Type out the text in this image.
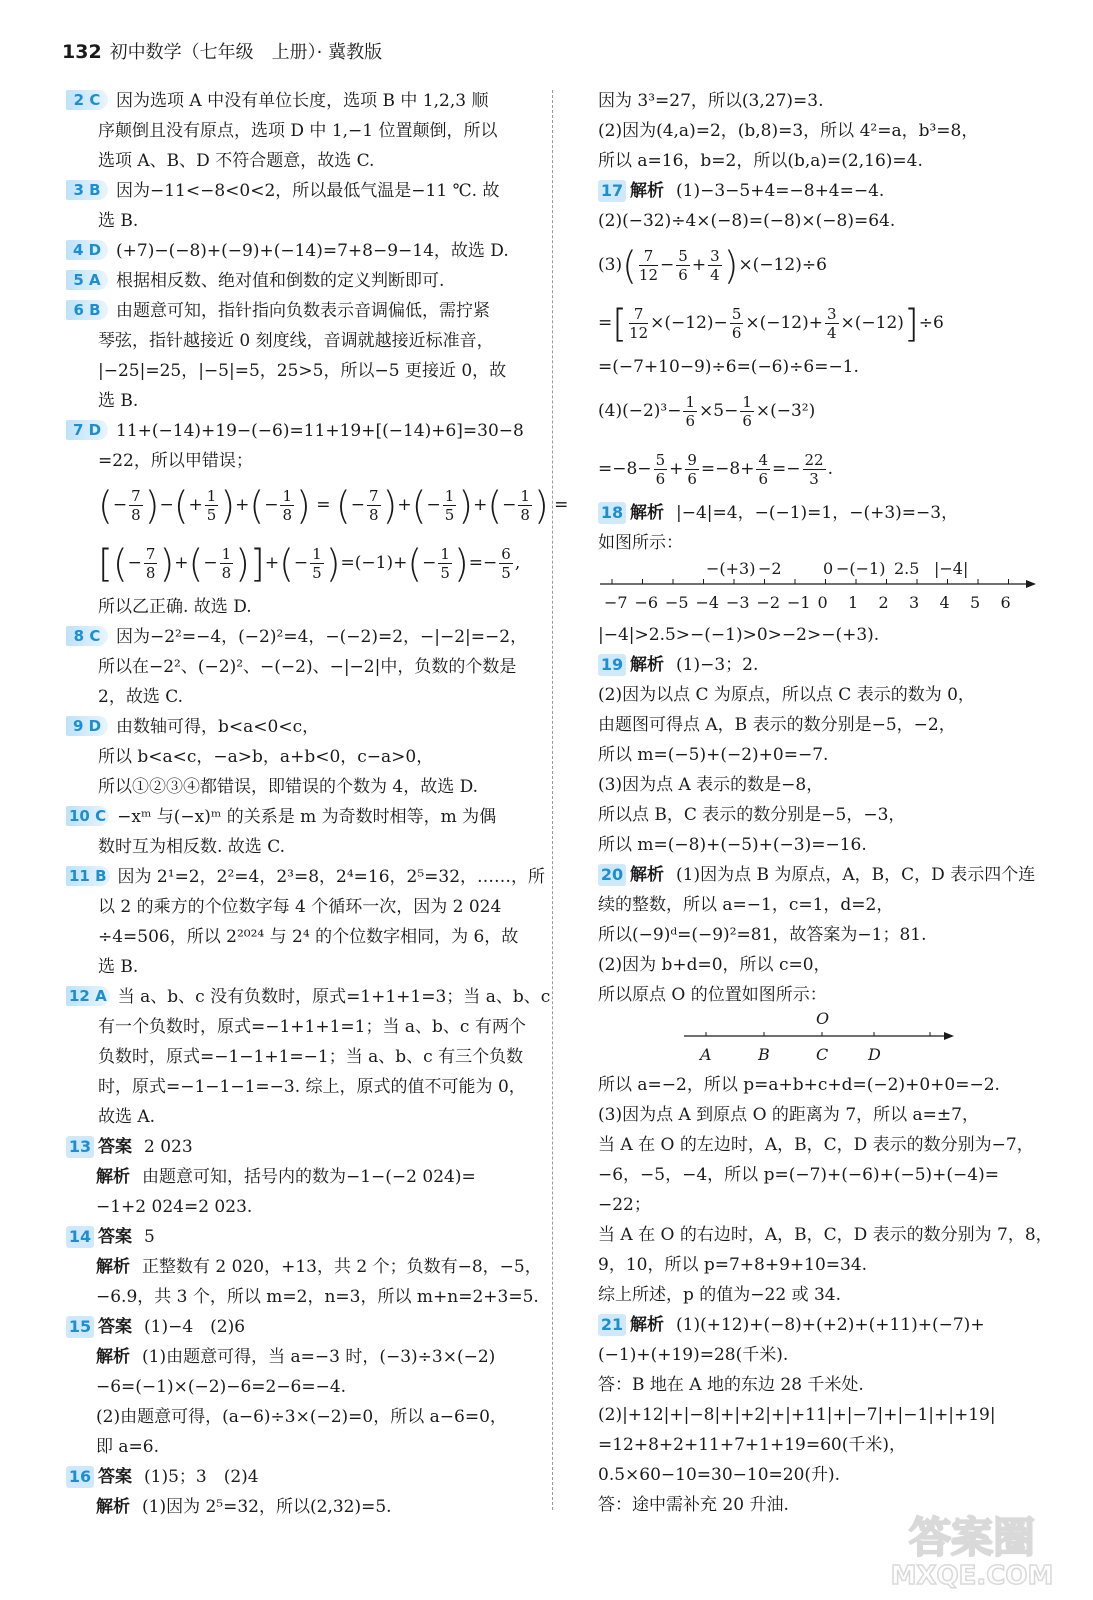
132 初中数学（七年级　上册）· 冀教版
2 C 因为选项 A 中没有单位长度，选项 B 中 1,2,3 顺
序颠倒且没有原点，选项 D 中 1,−1 位置颠倒，所以
选项 A、B、D 不符合题意，故选 C.
3 B 因为−11<−8<0<2，所以最低气温是−11 ℃. 故
选 B.
4 D (+7)−(−8)+(−9)+(−14)=7+8−9−14，故选 D.
5 A 根据相反数、绝对值和倒数的定义判断即可.
6 B 由题意可知，指针指向负数表示音调偏低，需拧紧
琴弦，指针越接近 0 刻度线，音调就越接近标准音，
|−25|=25，|−5|=5，25>5，所以−5 更接近 0，故
选 B.
7 D 11+(−14)+19−(−6)=11+19+[(−14)+6]=30−8
=22，所以甲错误；
(− $\frac{7}{8}$ )−(+ $\frac{1}{5}$ )+(− $\frac{1}{8}$ ) = (− $\frac{7}{8}$ )+(− $\frac{1}{5}$ )+(− $\frac{1}{8}$ ) =
[(− $\frac{7}{8}$ )+(− $\frac{1}{8}$ )]+(− $\frac{1}{5} )=(-1)+(- \frac{1}{5}$ )=− $\frac{6}{5}$ ,
所以乙正确. 故选 D.
8 C 因为−2²=−4，(−2)²=4，−(−2)=2，−|−2|=−2，
所以在−2²、(−2)²、−(−2)、−|−2|中，负数的个数是
2，故选 C.
9 D 由数轴可得，b<a<0<c，
所以 b<a<c，−a>b，a+b<0，c−a>0，
所以①②③④都错误，即错误的个数为 4，故选 D.
10 C −xᵐ 与(−x)ᵐ 的关系是 m 为奇数时相等，m 为偶
数时互为相反数. 故选 C.
11 B 因为 2¹=2，2²=4，2³=8，2⁴=16，2⁵=32，……，所
以 2 的乘方的个位数字每 4 个循环一次，因为 2 024
÷4=506，所以 2²⁰²⁴ 与 2⁴ 的个位数字相同，为 6，故
选 B.
12 A 当 a、b、c 没有负数时，原式=1+1+1=3；当 a、b、c
有一个负数时，原式=−1+1+1=1；当 a、b、c 有两个
负数时，原式=−1−1+1=−1；当 a、b、c 有三个负数
时，原式=−1−1−1=−3. 综上，原式的值不可能为 0，
故选 A.
13 答案 2 023
解析 由题意可知，括号内的数为−1−(−2 024)=
−1+2 024=2 023.
14 答案 5
解析 正整数有 2 020，+13，共 2 个；负数有−8，−5，
−6.9，共 3 个，所以 m=2，n=3，所以 m+n=2+3=5.
15 答案 (1)−4　(2)6
解析 (1)由题意可得，当 a=−3 时，(−3)÷3×(−2)
−6=(−1)×(−2)−6=2−6=−4.
(2)由题意可得，(a−6)÷3×(−2)=0，所以 a−6=0，
即 a=6.
16 答案 (1)5；3　(2)4
解析 (1)因为 2⁵=32，所以(2,32)=5.
因为 3³=27，所以(3,27)=3.
(2)因为(4,a)=2，(b,8)=3，所以 4²=a，b³=8，
所以 a=16，b=2，所以(b,a)=(2,16)=4.
17 解析 (1)−3−5+4=−8+4=−4.
(2)(−32)÷4×(−8)=(−8)×(−8)=64.
$(3)( \frac{7}{12} - \frac{5}{6} + \frac{3}{4} )\times(-12)\div 6$
=[ $\frac{7}{12} \times(-12)- \frac{5}{6} \times(-12)+ \frac{3}{4} \times(-12)]\div 6$
=(−7+10−9)÷6=(−6)÷6=−1.
$(4)(-2)^3- \frac{1}{6} \times 5- \frac{1}{6} \times(-3^2)$
$=-8- \frac{5}{6} + \frac{9}{6} =-8+ \frac{4}{6} =- \frac{22}{3}$ .
18 解析 |−4|=4，−(−1)=1，−(+3)=−3，
如图所示：
−(+3) −2	0 −(−1) 2.5 |−4|
−7 −6 −5 −4 −3 −2 −1 0 1 2 3 4 5 6
|−4|>2.5>−(−1)>0>−2>−(+3).
19 解析 (1)−3；2.
(2)因为以点 C 为原点，所以点 C 表示的数为 0，
由题图可得点 A，B 表示的数分别是−5，−2，
所以 m=(−5)+(−2)+0=−7.
(3)因为点 A 表示的数是−8，
所以点 B，C 表示的数分别是−5，−3，
所以 m=(−8)+(−5)+(−3)=−16.
20 解析 (1)因为点 B 为原点，A，B，C，D 表示四个连
续的整数，所以 a=−1，c=1，d=2，
所以(−9)ᵈ=(−9)²=81，故答案为−1；81.
(2)因为 b+d=0，所以 c=0，
所以原点 O 的位置如图所示：
O
A	B	C D
所以 a=−2，所以 p=a+b+c+d=(−2)+0+0=−2.
(3)因为点 A 到原点 O 的距离为 7，所以 a=±7，
当 A 在 O 的左边时，A，B，C，D 表示的数分别为−7，
−6，−5，−4，所以 p=(−7)+(−6)+(−5)+(−4)=
−22；
当 A 在 O 的右边时，A，B，C，D 表示的数分别为 7，8，
9，10，所以 p=7+8+9+10=34.
综上所述，p 的值为−22 或 34.
21 解析 (1)(+12)+(−8)+(+2)+(+11)+(−7)+
(−1)+(+19)=28(千米).
答：B 地在 A 地的东边 28 千米处.
(2)|+12|+|−8|+|+2|+|+11|+|−7|+|−1|+|+19|
=12+8+2+11+7+1+19=60(千米)，
0.5×60−10=30−10=20(升).
答：途中需补充 20 升油.
答案圈
MXQE.COM
